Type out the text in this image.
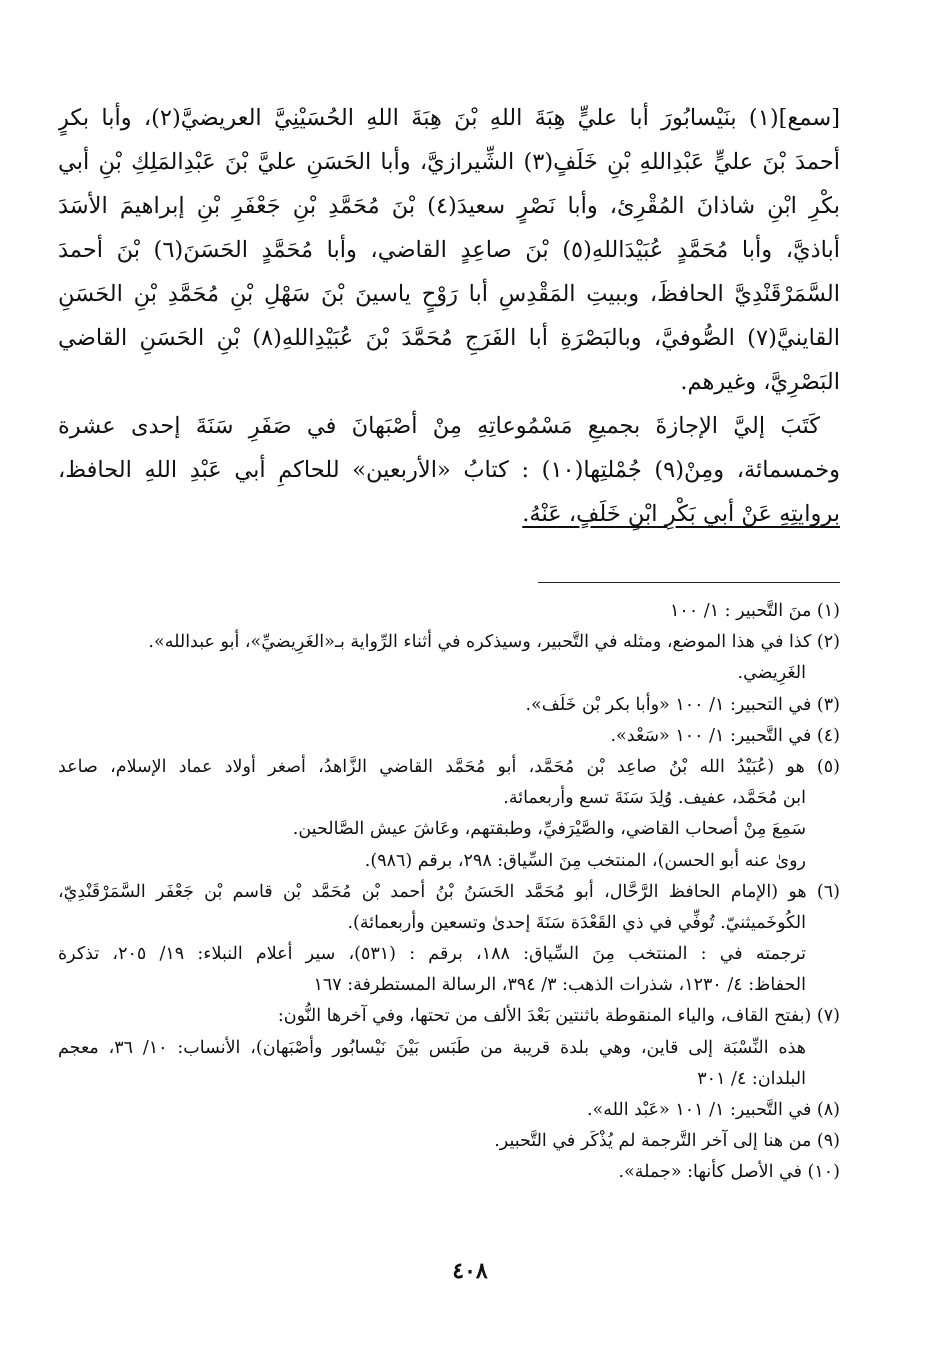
[سمع](١) بنَيْسابُورَ أبا عليٍّ هِبَةَ اللهِ بْنَ هِبَةَ اللهِ الحُسَيْنِيَّ العريضيَّ(٢)، وأبا بكرٍ
أحمدَ بْنَ عليٍّ عَبْدِاللهِ بْنِ خَلَفٍ(٣) الشِّيرازيَّ، وأبا الحَسَنِ عليَّ بْنَ عَبْدِالمَلِكِ بْنِ أبي
بكْرِ ابْنِ شاذانَ المُقْرِئ، وأبا نَصْرٍ سعيدَ(٤) بْنَ مُحَمَّدِ بْنِ جَعْفَرِ بْنِ إبراهيمَ الأسَدَ
أباذيَّ، وأبا مُحَمَّدٍ عُبَيْدَاللهِ(٥) بْنَ صاعِدٍ القاضي، وأبا مُحَمَّدٍ الحَسَنَ(٦) بْنَ أحمدَ
السَّمَرْقَنْدِيَّ الحافظَ، وببيتِ المَقْدِسِ أبا رَوْحٍ ياسينَ بْنَ سَهْلِ بْنِ مُحَمَّدِ بْنِ الحَسَنِ
القاينيَّ(٧) الصُّوفيَّ، وبالبَصْرَةِ أبا الفَرَجِ مُحَمَّدَ بْنَ عُبَيْدِاللهِ(٨) بْنِ الحَسَنِ القاضي
البَصْرِيَّ، وغيرهم.
كَتَبَ إليَّ الإجازةَ بجميعِ مَسْمُوعاتِهِ مِنْ أصْبَهانَ في صَفَرِ سَنَةَ إحدى عشرة
وخمسمائة، ومِنْ(٩) جُمْلتِها(١٠) : كتابُ «الأربعين» للحاكمِ أبي عَبْدِ اللهِ الحافظ،
بروايتِهِ عَنْ أبي بَكْرِ ابْنِ خَلَفٍ، عَنْهُ.
(١) منَ التَّحبير : ١/ ١٠٠
(٢) كذا في هذا الموضع، ومثله في التَّحبير، وسيذكره في أثناء الرِّواية بـ«الغَرِيضيِّ»، أبو عبدالله».
الغَرِيضي.
(٣) في التحبير: ١/ ١٠٠ «وأبا بكر بْن خَلَف».
(٤) في التَّحبير: ١/ ١٠٠ «سَعْد».
(٥) هو (عُبَيْدُ الله بْنُ صاعِد بْن مُحَمَّد، أبو مُحَمَّد القاضي الزَّاهدُ، أصغر أولاد عماد الإسلام، صاعد
ابن مُحَمَّد، عفيف. وُلِدَ سَنَةَ تسع وأربعمائة.
سَمِعَ مِنْ أصحاب القاضي، والصَّيْرَفيِّ، وطبقتهم، وعَاشَ عيش الصَّالحين.
روىٰ عنه أبو الحسن)، المنتخب مِنَ السِّياق: ٢٩٨، برقم (٩٨٦).
(٦) هو (الإمام الحافظ الرَّحَّال، أبو مُحَمَّد الحَسَنُ بْنُ أحمد بْن مُحَمَّد بْن قاسم بْن جَعْفَر السَّمَرْقَنْدِيّ،
الكُوخَميثنيّ. تُوفِّي في ذي القَعْدَة سَنَةَ إحدىٰ وتسعين وأربعمائة).
ترجمته في : المنتخب مِنَ السِّياق: ١٨٨، برقم : (٥٣١)، سير أعلام النبلاء: ١٩/ ٢٠٥، تذكرة
الحفاظ: ٤/ ١٢٣٠، شذرات الذهب: ٣/ ٣٩٤، الرسالة المستطرفة: ١٦٧
(٧) (بفتح القاف، والياء المنقوطة باثنتين بَعْدَ الألف من تحتها، وفي آخرها النُّون:
هذه النِّسْبَة إلى قاين، وهي بلدة قريبة من طَبَس بَيْنَ نَيْسابُور وأصْبَهان)، الأنساب: ١٠/ ٣٦، معجم
البلدان: ٤/ ٣٠١
(٨) في التَّحبير: ١/ ١٠١ «عَبْد الله».
(٩) من هنا إلى آخر التَّرجمة لم يُذْكَر في التَّحبير.
(١٠) في الأصل كأنها: «جملة».
٤٠٨
